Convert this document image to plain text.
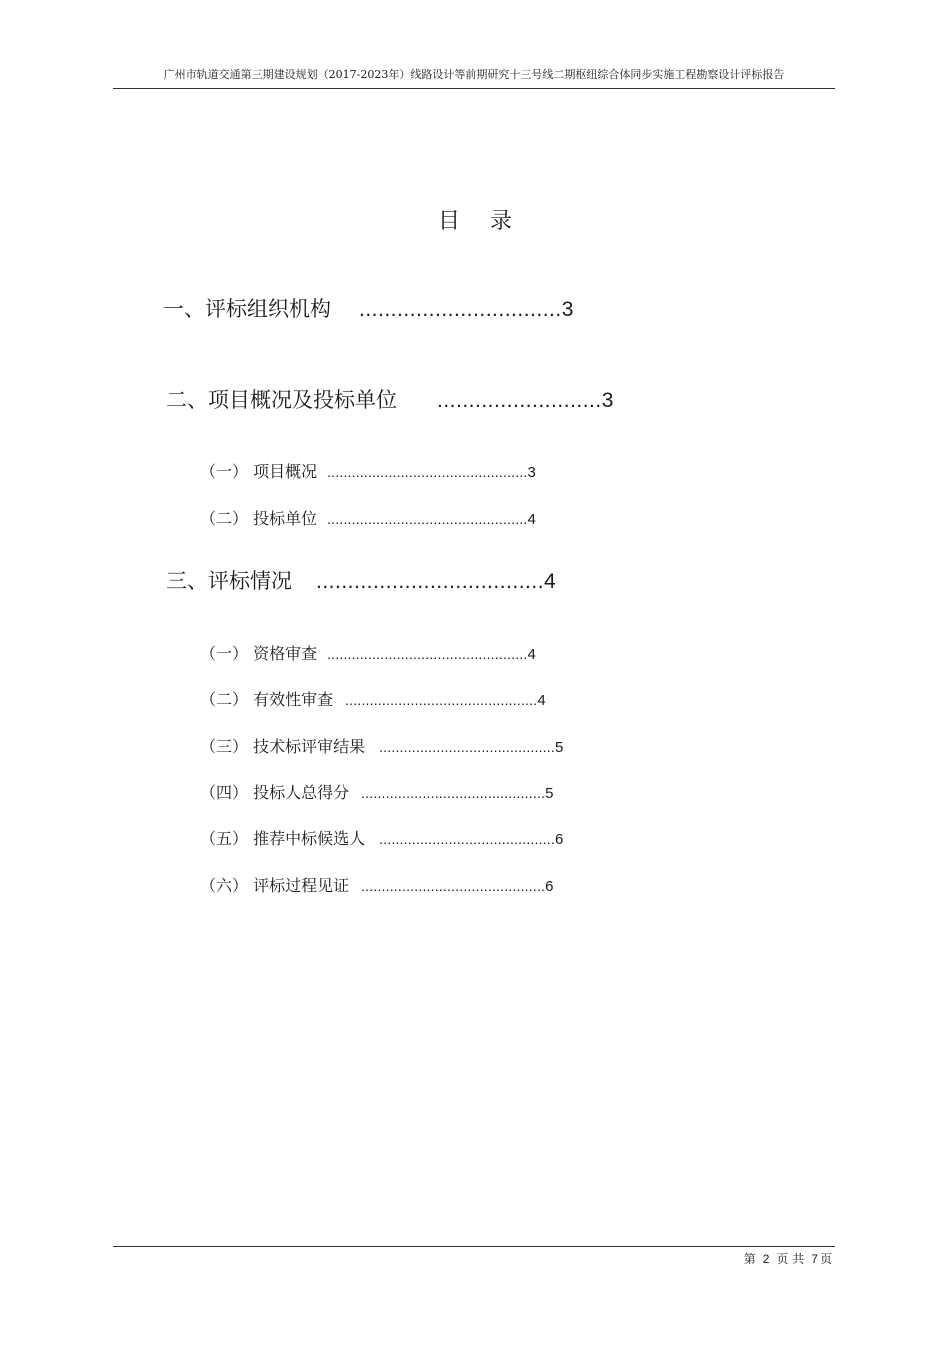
广州市轨道交通第三期建设规划（2017-2023年）线路设计等前期研究十三号线二期枢纽综合体同步实施工程勘察设计评标报告
目 录
一、评标组织机构 ................................ 3
二、项目概况及投标单位 .......................... 3
（一） 项目概况 ................................................. 3
（二） 投标单位 ................................................. 4
三、评标情况 .................................... 4
（一） 资格审查 ................................................. 4
（二） 有效性审查 ............................................... 4
（三） 技术标评审结果 ........................................... 5
（四） 投标人总得分 ............................................. 5
（五） 推荐中标候选人 ........................................... 6
（六） 评标过程见证 ............................................. 6
第 2 页 共 7 页
